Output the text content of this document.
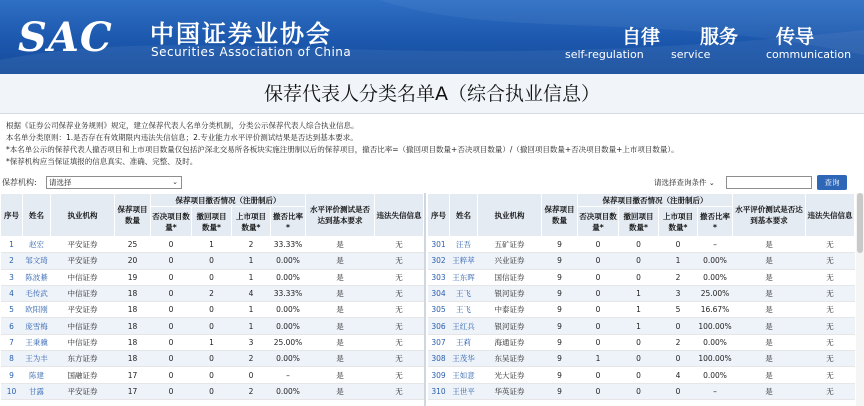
SAC 中国证券业协会
Securities Association of China
自律
self-regulation
服务
service
传导
communication
保荐代表人分类名单A（综合执业信息）

根据《证券公司保荐业务规则》规定，建立保荐代表人名单分类机制，分类公示保荐代表人综合执业信息。

本名单分类原则：1.是否存在有效期限内违法失信信息；2.专业能力水平评价测试结果是否达到基本要求。

*本名单公示的保荐代表人撤否项目和上市项目数量仅包括沪深北交易所各板块实施注册制以后的保荐项目，撤否比率=（撤回项目数量+否决项目数量）/（撤回项目数量+否决项目数量+上市项目数量）。

*保荐机构应当保证填报的信息真实、准确、完整、及时。

保荐机构:	请选择	⌄	请选择查询条件 ⌄	查询
序号	姓名	执业机构	保荐项目数量	保荐项目撤否情况（注册制后）				水平评价测试是否达到基本要求	违法失信信息
				否决项目数量*	撤回项目数量*	上市项目数量*	撤否比率*		
1	赵宏	平安证券	25	0	1	2	33.33%	是	无
2	邹文琦	平安证券	20	0	0	1	0.00%	是	无
3	陈波綦	中信证券	19	0	0	1	0.00%	是	无
4	毛传武	中信证券	18	0	2	4	33.33%	是	无
5	欧阳刚	平安证券	18	0	0	1	0.00%	是	无
6	庞雪梅	中信证券	18	0	0	1	0.00%	是	无
7	王秉骥	中信证券	18	0	1	3	25.00%	是	无
8	王为丰	东方证券	18	0	0	2	0.00%	是	无
9	陈建	国融证券	17	0	0	0	–	是	无
10	甘露	平安证券	17	0	0	2	0.00%	是	无
序号	姓名	执业机构	保荐项目数量	保荐项目撤否情况（注册制后）				水平评价测试是否达到基本要求	违法失信信息
				否决项目数量*	撤回项目数量*	上市项目数量*	撤否比率*		
301	汪吾	五矿证券	9	0	0	0	–	是	无
302	王粹萃	兴业证券	9	0	0	1	0.00%	是	无
303	王东晖	国信证券	9	0	0	2	0.00%	是	无
304	王飞	银河证券	9	0	1	3	25.00%	是	无
305	王飞	中泰证券	9	0	1	5	16.67%	是	无
306	王红兵	银河证券	9	0	1	0	100.00%	是	无
307	王莉	海通证券	9	0	0	2	0.00%	是	无
308	王茂华	东吴证券	9	1	0	0	100.00%	是	无
309	王如意	光大证券	9	0	0	4	0.00%	是	无
310	王世平	华英证券	9	0	0	0	–	是	无
